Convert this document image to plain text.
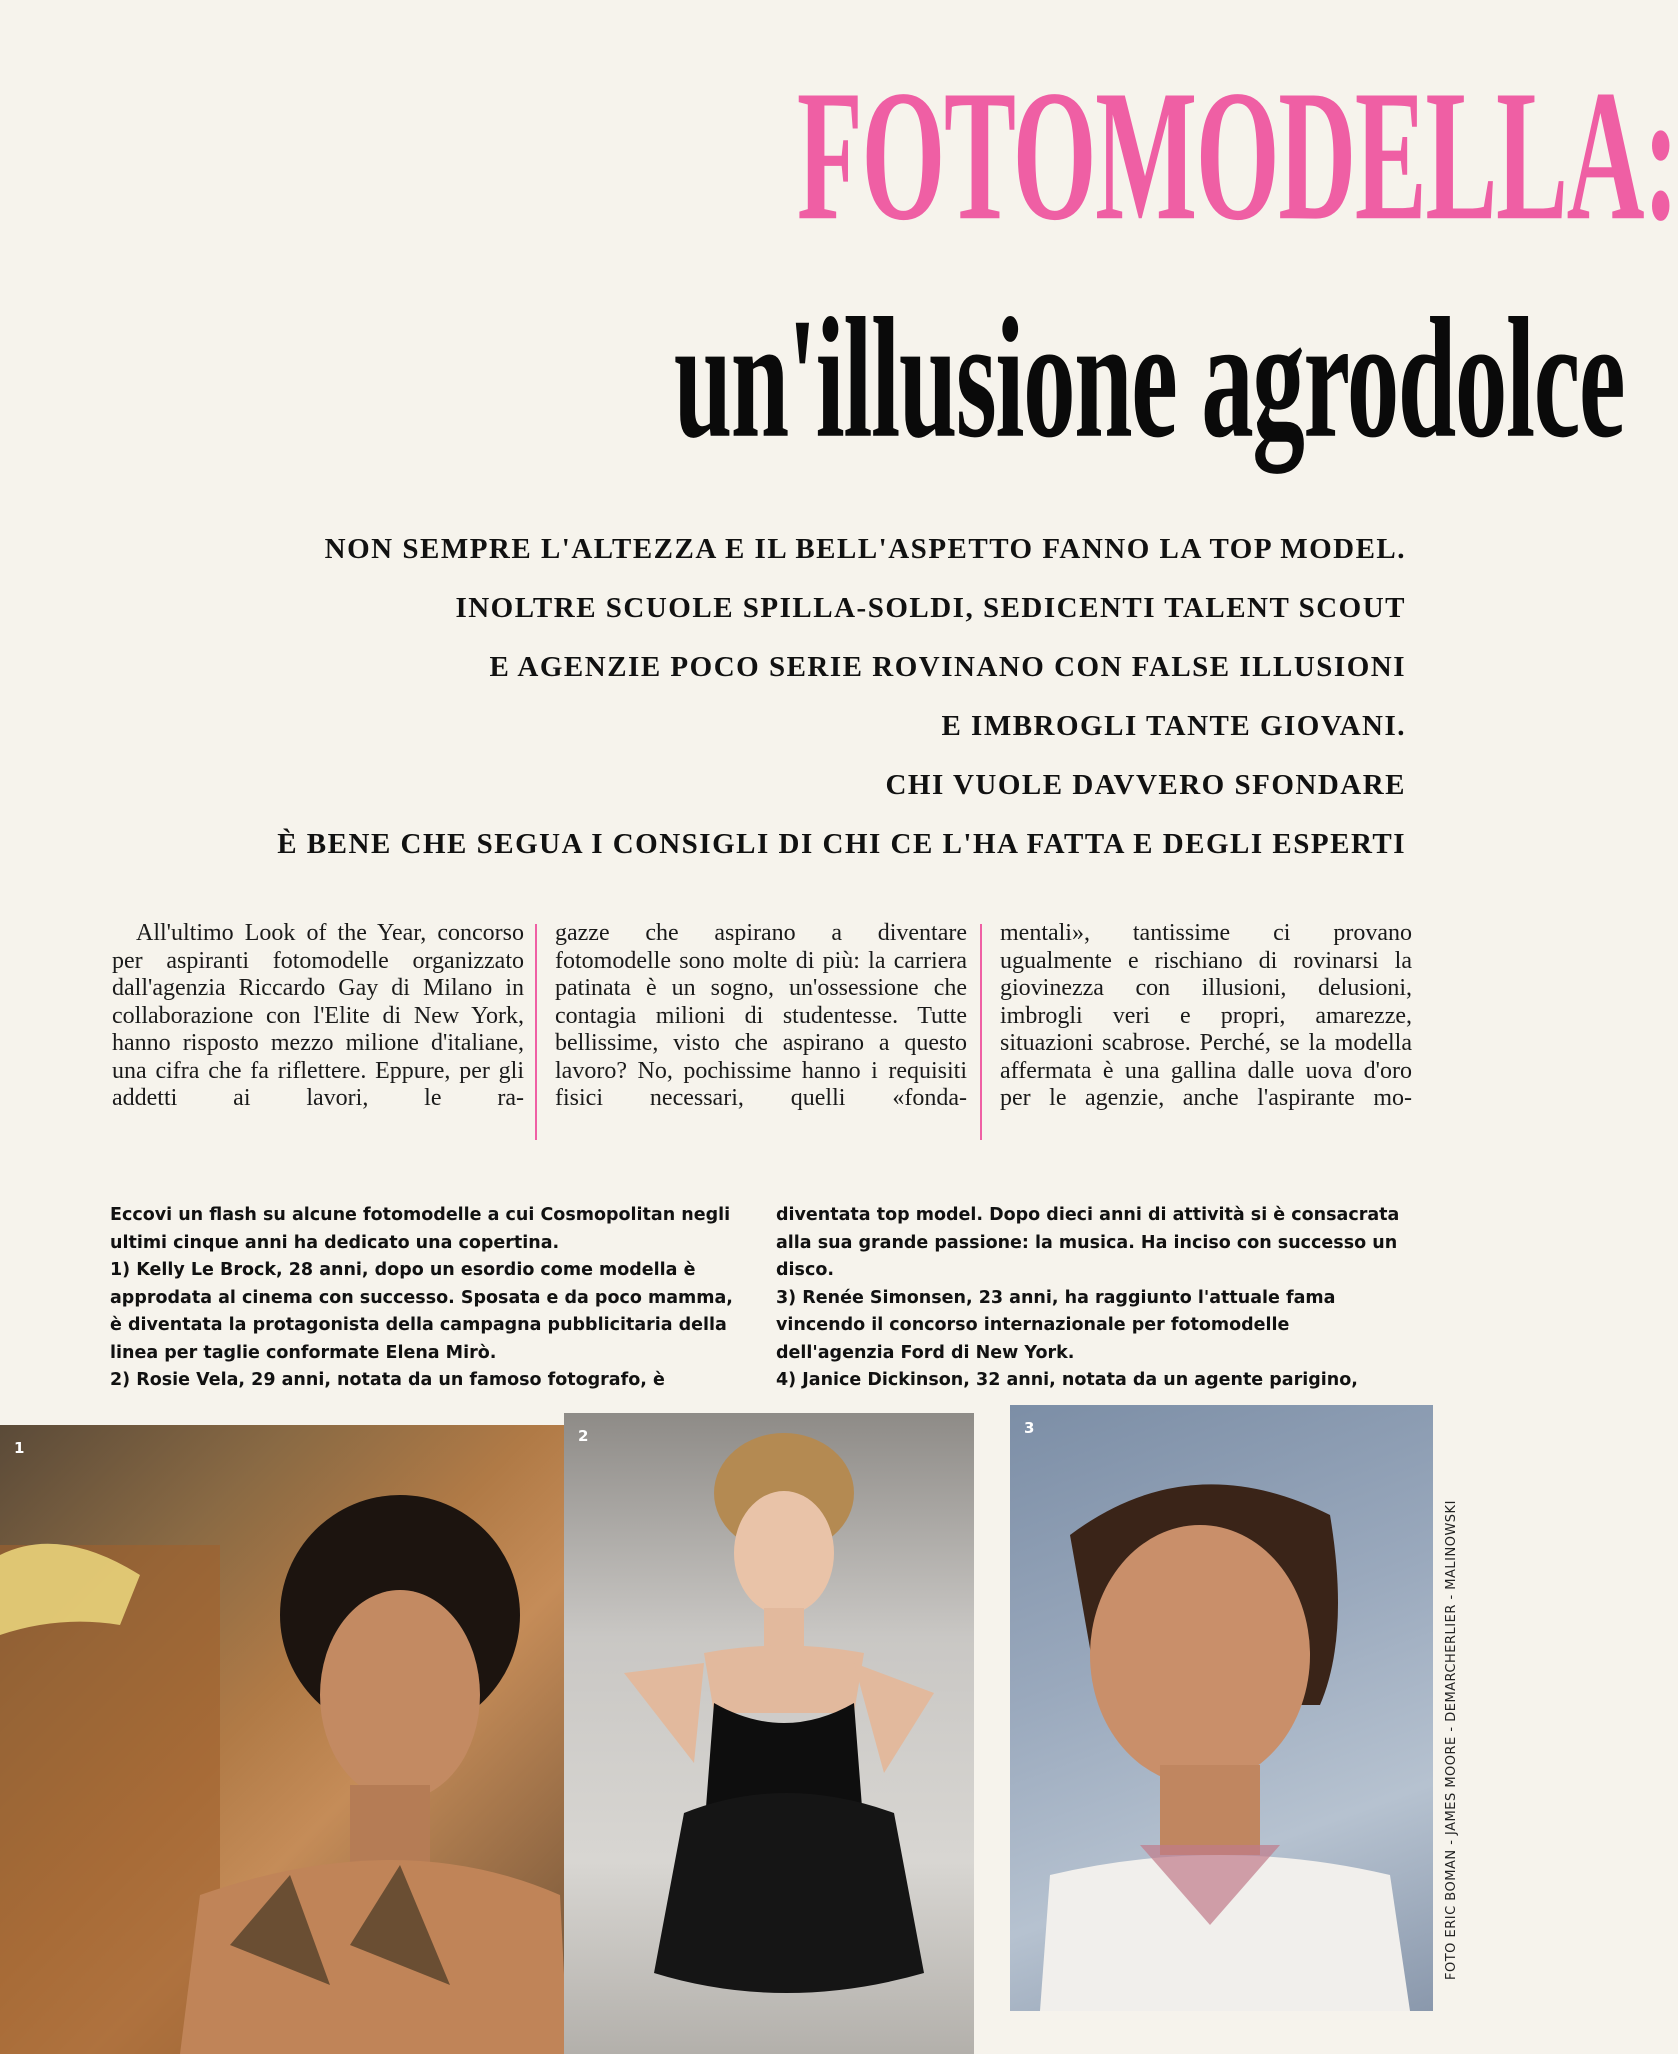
FOTOMODELLA:
un'illusione agrodolce
NON SEMPRE L'ALTEZZA E IL BELL'ASPETTO FANNO LA TOP MODEL.
INOLTRE SCUOLE SPILLA-SOLDI, SEDICENTI TALENT SCOUT
E AGENZIE POCO SERIE ROVINANO CON FALSE ILLUSIONI
E IMBROGLI TANTE GIOVANI.
CHI VUOLE DAVVERO SFONDARE
È BENE CHE SEGUA I CONSIGLI DI CHI CE L'HA FATTA E DEGLI ESPERTI

All'ultimo Look of the Year, concorso per aspiranti fotomodelle organizzato dall'agenzia Riccardo Gay di Milano in collaborazione con l'Elite di New York, hanno risposto mezzo milione d'italiane, una cifra che fa riflettere. Eppure, per gli addetti ai lavori, le ra-

gazze che aspirano a diventare fotomodelle sono molte di più: la carriera patinata è un sogno, un'ossessione che contagia milioni di studentesse. Tutte bellissime, visto che aspirano a questo lavoro? No, pochissime hanno i requisiti fisici necessari, quelli «fonda-

mentali», tantissime ci provano ugualmente e rischiano di rovinarsi la giovinezza con illusioni, delusioni, imbrogli veri e propri, amarezze, situazioni scabrose. Perché, se la modella affermata è una gallina dalle uova d'oro per le agenzie, anche l'aspirante mo-

Eccovi un flash su alcune fotomodelle a cui Cosmopolitan negli ultimi cinque anni ha dedicato una copertina.

1) Kelly Le Brock, 28 anni, dopo un esordio come modella è approdata al cinema con successo. Sposata e da poco mamma, è diventata la protagonista della campagna pubblicitaria della linea per taglie conformate Elena Mirò.

2) Rosie Vela, 29 anni, notata da un famoso fotografo, è

diventata top model. Dopo dieci anni di attività si è consacrata alla sua grande passione: la musica. Ha inciso con successo un disco.

3) Renée Simonsen, 23 anni, ha raggiunto l'attuale fama vincendo il concorso internazionale per fotomodelle dell'agenzia Ford di New York.

4) Janice Dickinson, 32 anni, notata da un agente parigino,

1
2	3
FOTO ERIC BOMAN - JAMES MOORE - DEMARCHERLIER - MALINOWSKI
